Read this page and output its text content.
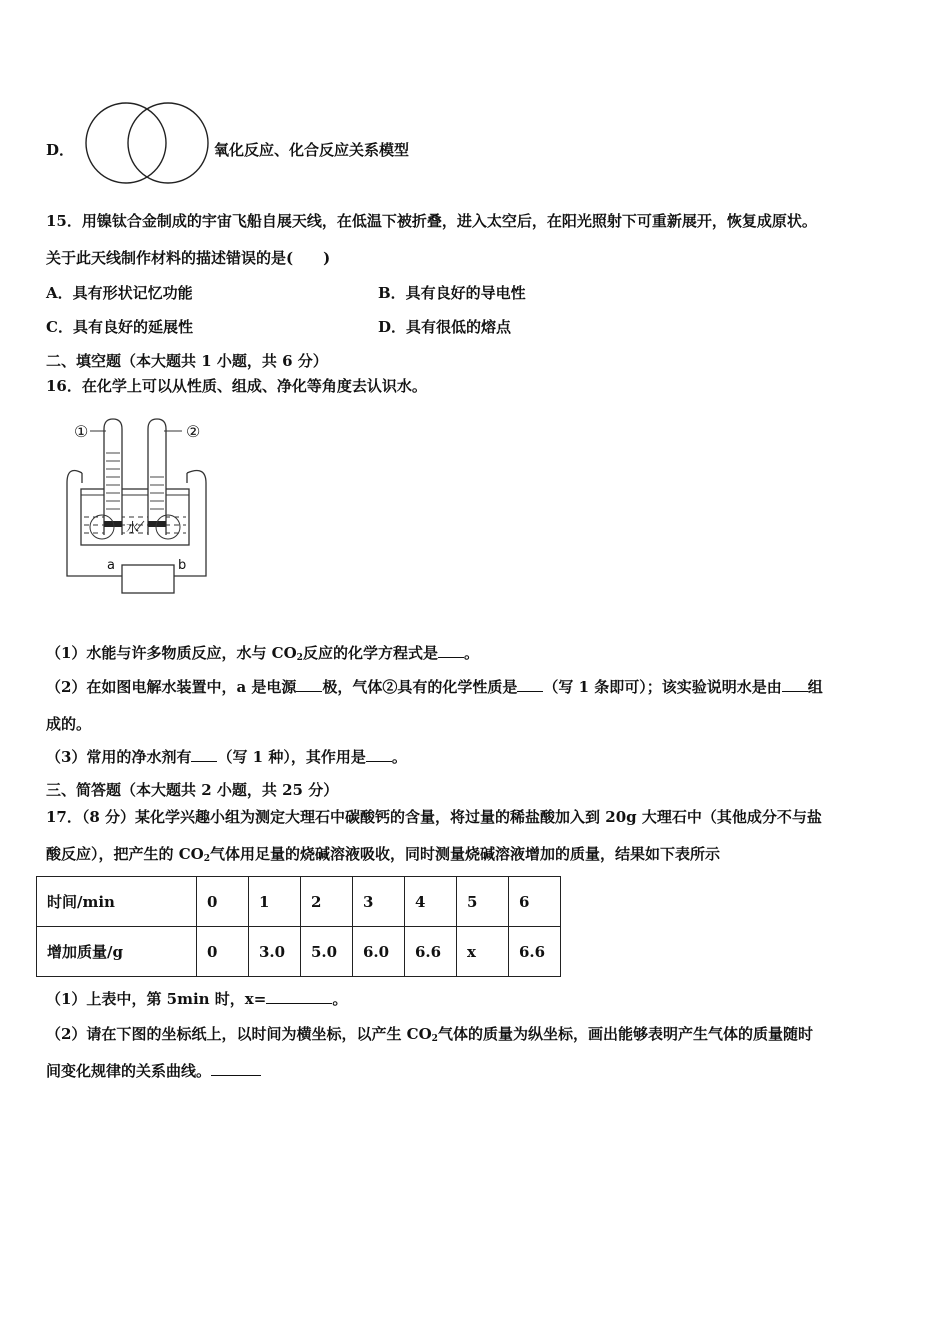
D．	氧化反应、化合反应关系模型
15．用镍钛合金制成的宇宙飞船自展天线，在低温下被折叠，进入太空后，在阳光照射下可重新展开，恢复成原状。
关于此天线制作材料的描述错误的是(　　)
A．具有形状记忆功能	B．具有良好的导电性
C．具有良好的延展性	D．具有很低的熔点
二、填空题（本大题共 1 小题，共 6 分）
16．在化学上可以从性质、组成、净化等角度去认识水。
①	②
水
a	b
（1）水能与许多物质反应，水与 $CO_2$反应的化学方程式是 。
（2）在如图电解水装置中，a 是电源 极，气体②具有的化学性质是 （写 1 条即可）；该实验说明水是由 组
成的。
（3）常用的净水剂有 （写 1 种），其作用是 。
三、简答题（本大题共 2 小题，共 25 分）
17．（8 分）某化学兴趣小组为测定大理石中碳酸钙的含量，将过量的稀盐酸加入到 20g 大理石中（其他成分不与盐
酸反应），把产生的 $CO_2$气体用足量的烧碱溶液吸收，同时测量烧碱溶液增加的质量，结果如下表所示
时间/min	0	1	2	3	4	5	6
增加质量/g	0	3.0	5.0	6.0	6.6	x	6.6
（1）上表中，第 5min 时，x=	。
（2）请在下图的坐标纸上，以时间为横坐标，以产生 $CO_2$气体的质量为纵坐标，画出能够表明产生气体的质量随时
间变化规律的关系曲线。
